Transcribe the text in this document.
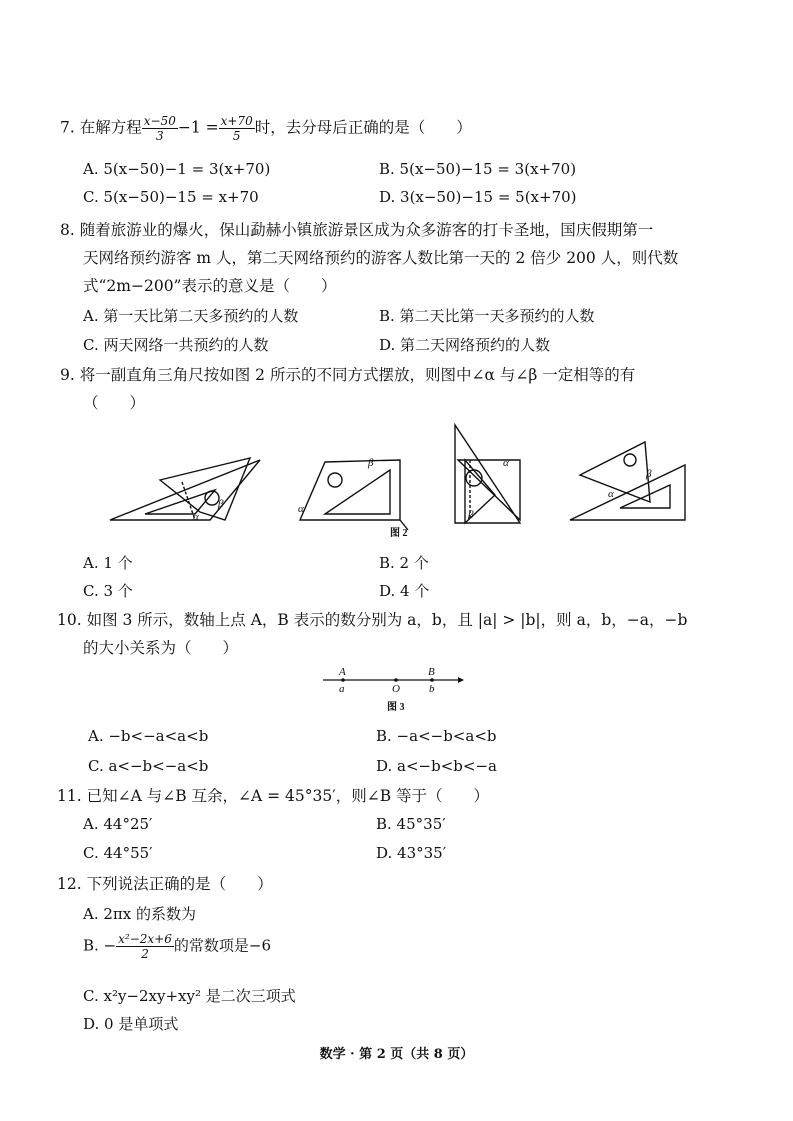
7. 在解方程 $\frac{x-50}{3} -1 = \frac{x+70}{5}$ 时，去分母后正确的是（　　）
A. 5(x−50)−1 = 3(x+70)	B. 5(x−50)−15 = 3(x+70)
C. 5(x−50)−15 = x+70	D. 3(x−50)−15 = 5(x+70)
8. 随着旅游业的爆火，保山勐赫小镇旅游景区成为众多游客的打卡圣地，国庆假期第一
天网络预约游客 m 人，第二天网络预约的游客人数比第一天的 2 倍少 200 人，则代数
式“2m−200”表示的意义是（　　）
A. 第一天比第二天多预约的人数	B. 第二天比第一天多预约的人数
C. 两天网络一共预约的人数	D. 第二天网络预约的人数
9. 将一副直角三角尺按如图 2 所示的不同方式摆放，则图中∠α 与∠β 一定相等的有
（　　）
α
β	α
β
图 2
α
β
α
β
A. 1 个	B. 2 个
C. 3 个	D. 4 个
10. 如图 3 所示，数轴上点 A，B 表示的数分别为 a，b，且 |a| > |b|，则 a，b，−a，−b
的大小关系为（　　）
A
a	O
B
b
图 3
A. −b<−a<a<b	B. −a<−b<a<b
C. a<−b<−a<b	D. a<−b<b<−a
11. 已知∠A 与∠B 互余，∠A = 45°35′，则∠B 等于（　　）
A. 44°25′	B. 45°35′
C. 44°55′	D. 43°35′
12. 下列说法正确的是（　　）
A. 2πx 的系数为
B. − $\frac{\text{x²−2x+6}}{2}$ 的常数项是−6
C. x²y−2xy+xy² 是二次三项式
D. 0 是单项式
数学 · 第 2 页（共 8 页）
